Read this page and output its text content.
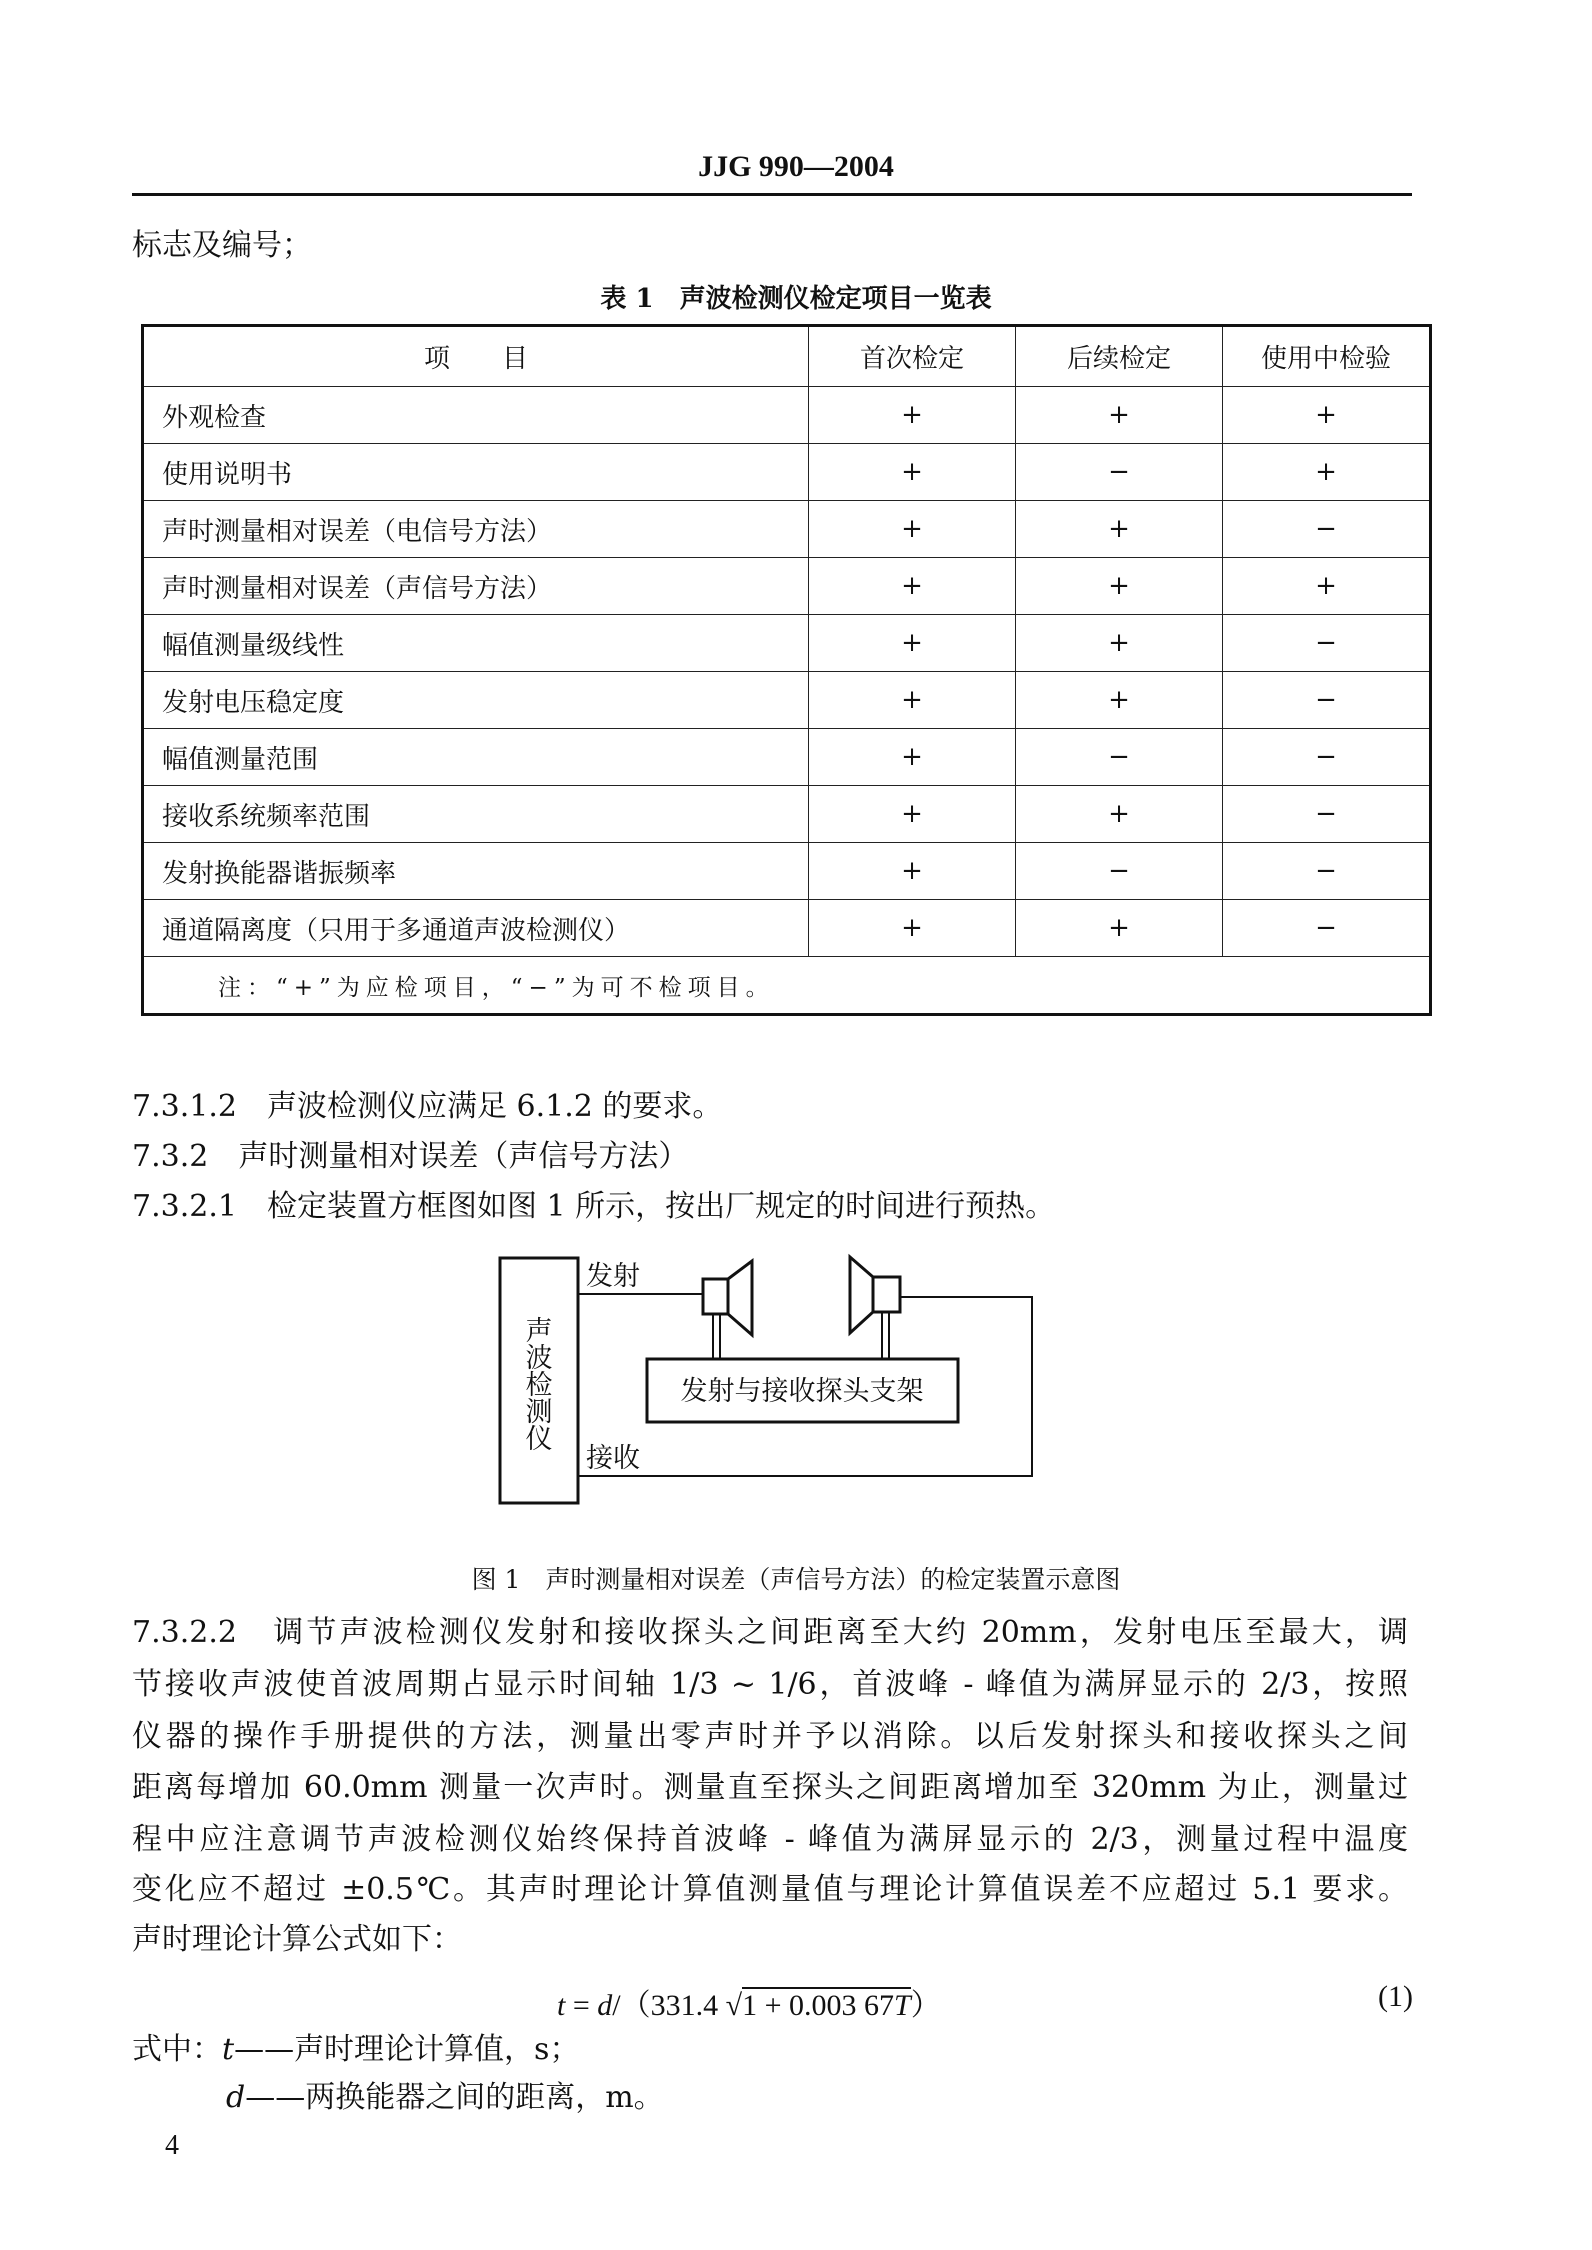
JJG 990—2004
标志及编号；
表 1　声波检测仪检定项目一览表
项　　目	首次检定	后续检定	使用中检验
外观检查	+	+	+
使用说明书	+	−	+
声时测量相对误差（电信号方法）	+	+	−
声时测量相对误差（声信号方法）	+	+	+
幅值测量级线性	+	+	−
发射电压稳定度	+	+	−
幅值测量范围	+	−	−
接收系统频率范围	+	+	−
发射换能器谐振频率	+	−	−
通道隔离度（只用于多通道声波检测仪）	+	+	−
注：“+”为应检项目，“−”为可不检项目。			
7.3.1.2　声波检测仪应满足 6.1.2 的要求。
7.3.2　声时测量相对误差（声信号方法）
7.3.2.1　检定装置方框图如图 1 所示，按出厂规定的时间进行预热。
声
波
检
测
仪
发射
接收
发射与接收探头支架
图 1　声时测量相对误差（声信号方法）的检定装置示意图
7.3.2.2　调节声波检测仪发射和接收探头之间距离至大约 20mm，发射电压至最大，调
节接收声波使首波周期占显示时间轴 1/3 ~ 1/6，首波峰 - 峰值为满屏显示的 2/3，按照
仪器的操作手册提供的方法，测量出零声时并予以消除。以后发射探头和接收探头之间
距离每增加 60.0mm 测量一次声时。测量直至探头之间距离增加至 320mm 为止，测量过
程中应注意调节声波检测仪始终保持首波峰 - 峰值为满屏显示的 2/3，测量过程中温度
变化应不超过 ±0.5℃。其声时理论计算值测量值与理论计算值误差不应超过 5.1 要求。
声时理论计算公式如下：
t = d/（331.4 √1 + 0.003 67T）	(1)
式中：t——声时理论计算值，s；
d——两换能器之间的距离，m。
4
